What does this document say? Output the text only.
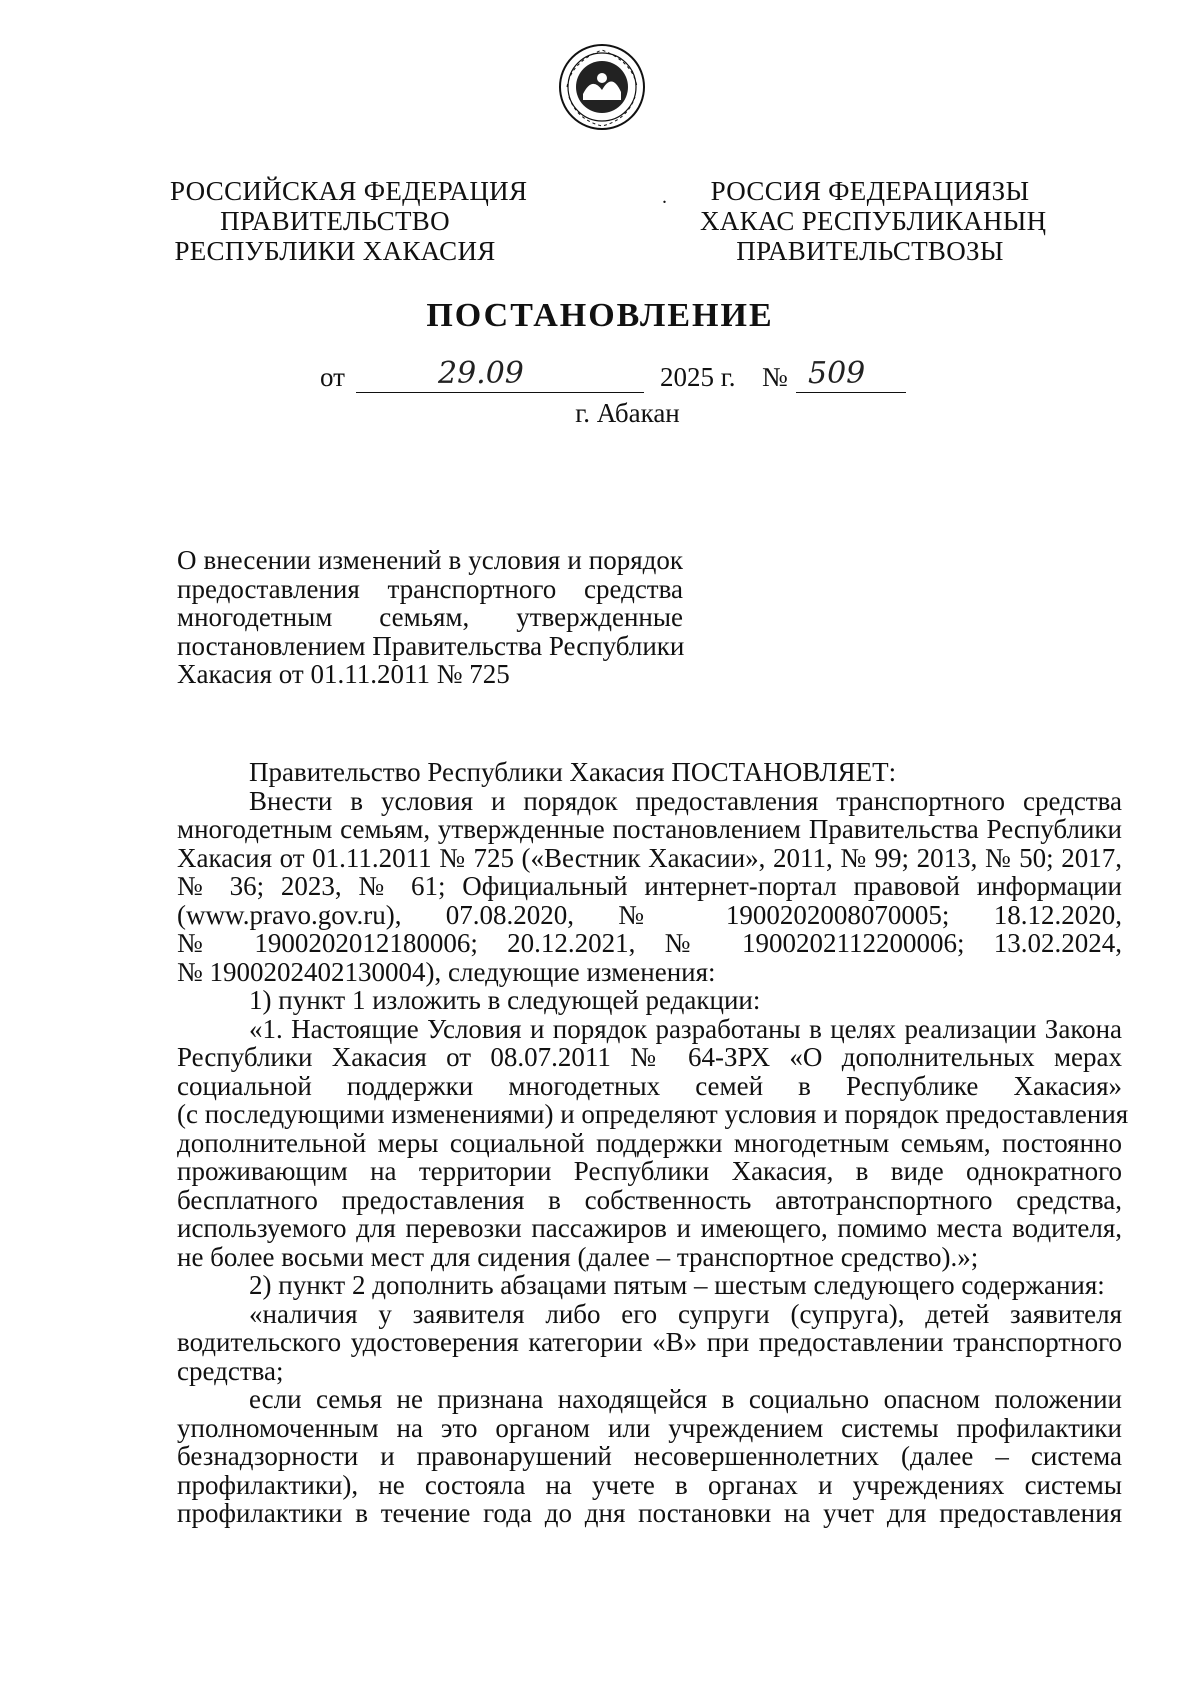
РОССИЙСКАЯ ФЕДЕРАЦИЯ
ПРАВИТЕЛЬСТВО
РЕСПУБЛИКИ ХАКАСИЯ
.	РОССИЯ ФЕДЕРАЦИЯЗЫ
ХАКАС РЕСПУБЛИКАНЫҢ
ПРАВИТЕЛЬСТВОЗЫ
ПОСТАНОВЛЕНИЕ
от	29.09	2025 г. № 509
г. Абакан
О внесении изменений в условия и порядок
предоставления транспортного средства
многодетным семьям, утвержденные
постановлением Правительства Республики
Хакасия от 01.11.2011 № 725
Правительство Республики Хакасия ПОСТАНОВЛЯЕТ:
Внести в условия и порядок предоставления транспортного средства
многодетным семьям, утвержденные постановлением Правительства Республики
Хакасия от 01.11.2011 № 725 («Вестник Хакасии», 2011, № 99; 2013, № 50; 2017,
№ 36; 2023, № 61; Официальный интернет-портал правовой информации
(www.pravo.gov.ru), 07.08.2020, № 1900202008070005; 18.12.2020,
№ 1900202012180006; 20.12.2021, № 1900202112200006; 13.02.2024,
№ 1900202402130004), следующие изменения:
1) пункт 1 изложить в следующей редакции:
«1. Настоящие Условия и порядок разработаны в целях реализации Закона
Республики Хакасия от 08.07.2011 № 64-ЗРХ «О дополнительных мерах
социальной поддержки многодетных семей в Республике Хакасия»
(с последующими изменениями) и определяют условия и порядок предоставления
дополнительной меры социальной поддержки многодетным семьям, постоянно
проживающим на территории Республики Хакасия, в виде однократного
бесплатного предоставления в собственность автотранспортного средства,
используемого для перевозки пассажиров и имеющего, помимо места водителя,
не более восьми мест для сидения (далее – транспортное средство).»;
2) пункт 2 дополнить абзацами пятым – шестым следующего содержания:
«наличия у заявителя либо его супруги (супруга), детей заявителя
водительского удостоверения категории «В» при предоставлении транспортного
средства;
если семья не признана находящейся в социально опасном положении
уполномоченным на это органом или учреждением системы профилактики
безнадзорности и правонарушений несовершеннолетних (далее – система
профилактики), не состояла на учете в органах и учреждениях системы
профилактики в течение года до дня постановки на учет для предоставления
